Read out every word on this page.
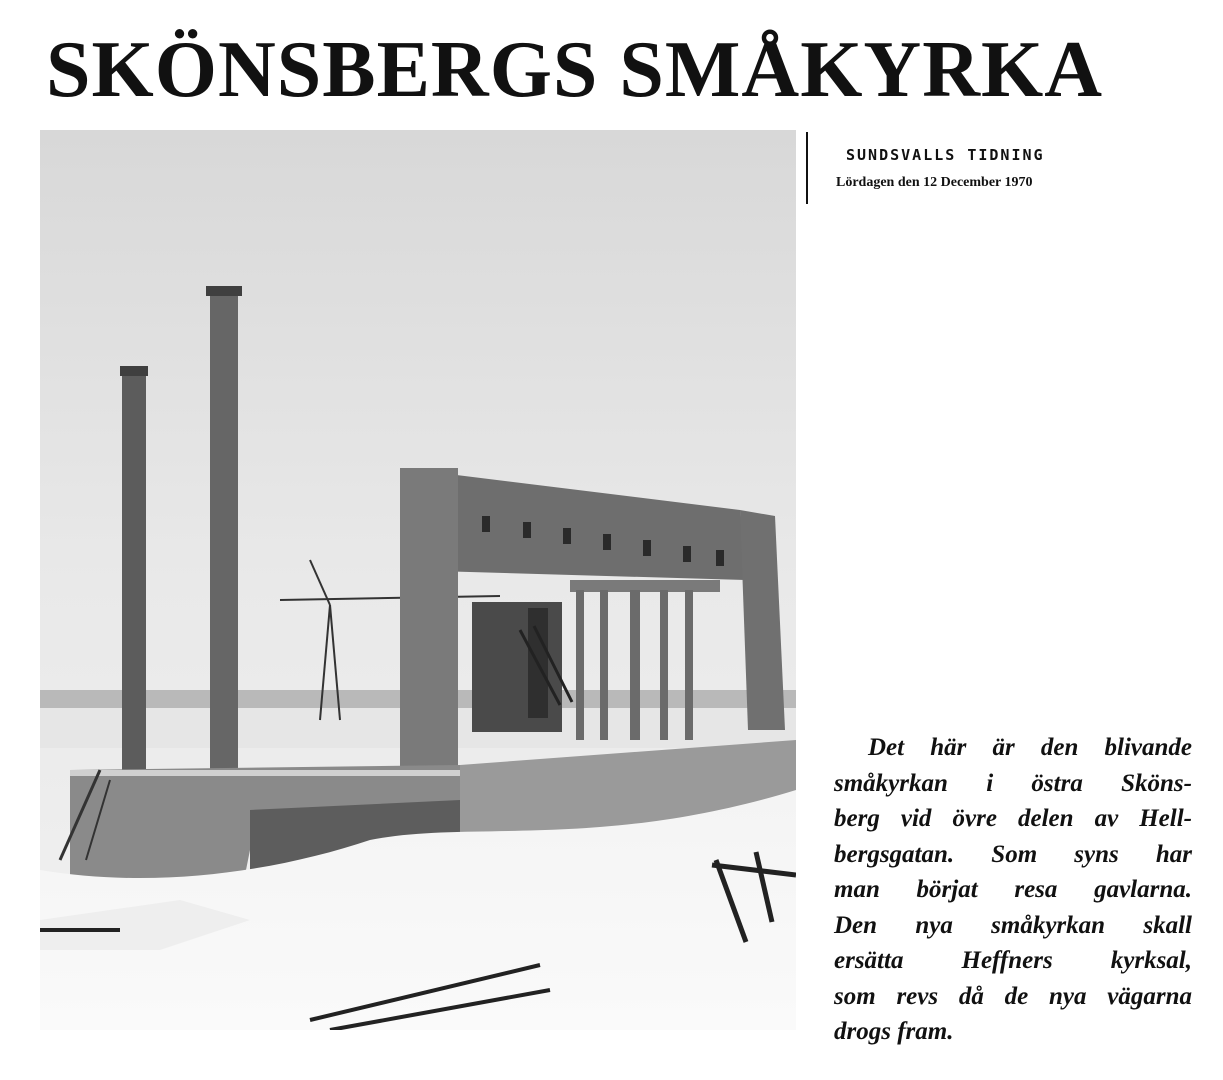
SKÖNSBERGS SMÅKYRKA
SUNDSVALLS TIDNING
Lördagen den 12 December 1970
Det här är den blivande
småkyrkan i östra Sköns-
berg vid övre delen av Hell-
bergsgatan. Som syns har
man börjat resa gavlarna.
Den nya småkyrkan skall
ersätta Heffners kyrksal,
som revs då de nya vägarna
drogs fram.
